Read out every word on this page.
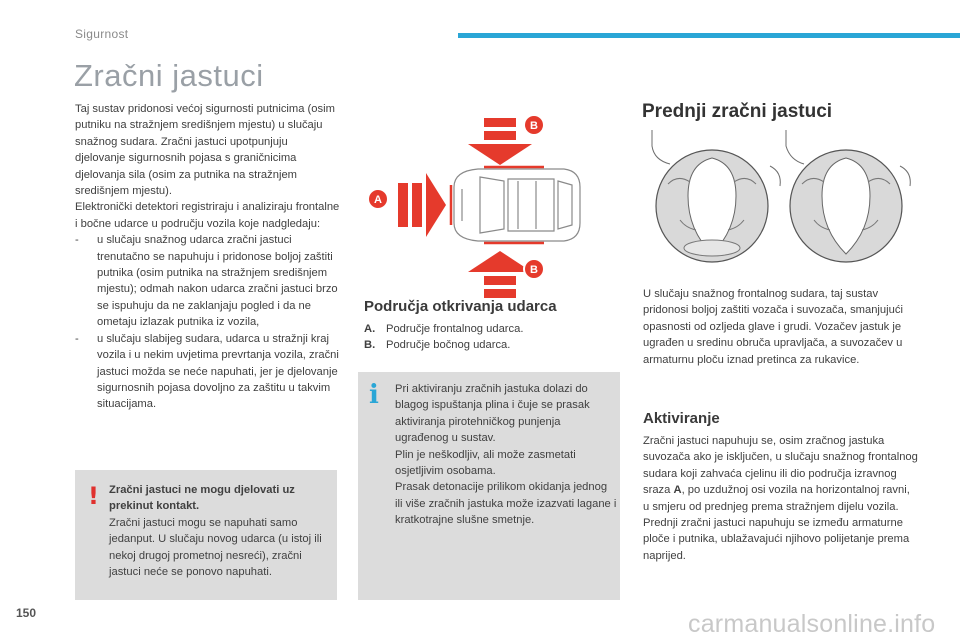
Sigurnost
Zračni jastuci

Taj sustav pridonosi većoj sigurnosti putnicima (osim putniku na stražnjem središnjem mjestu) u slučaju snažnog sudara. Zračni jastuci upotpunjuju djelovanje sigurnosnih pojasa s graničnicima djelovanja sila (osim za putnika na stražnjem središnjem mjestu).

Elektronički detektori registriraju i analiziraju frontalne i bočne udarce u području vozila koje nadgledaju:

- u slučaju snažnog udarca zračni jastuci trenutačno se napuhuju i pridonose boljoj zaštiti putnika (osim putnika na stražnjem središnjem mjestu); odmah nakon udarca zračni jastuci brzo se ispuhuju da ne zaklanjaju pogled i da ne ometaju izlazak putnika iz vozila,
- u slučaju slabijeg sudara, udarca u stražnji kraj vozila i u nekim uvjetima prevrtanja vozila, zračni jastuci možda se neće napuhati, jer je djelovanje sigurnosnih pojasa dovoljno za zaštitu u takvim situacijama.
! Zračni jastuci ne mogu djelovati uz prekinut kontakt.
Zračni jastuci mogu se napuhati samo jedanput. U slučaju novog udarca (u istoj ili nekoj drugoj prometnoj nesreći), zračni jastuci neće se ponovo napuhati.
A
B
B
Područja otkrivanja udarca
A. Područje frontalnog udarca.
B. Područje bočnog udarca.
i Pri aktiviranju zračnih jastuka dolazi do blagog ispuštanja plina i čuje se prasak aktiviranja pirotehničkog punjenja ugrađenog u sustav.
Plin je neškodljiv, ali može zasmetati osjetljivim osobama.
Prasak detonacije prilikom okidanja jednog ili više zračnih jastuka može izazvati lagane i kratkotrajne slušne smetnje.
Prednji zračni jastuci
U slučaju snažnog frontalnog sudara, taj sustav pridonosi boljoj zaštiti vozača i suvozača, smanjujući opasnosti od ozljeda glave i grudi. Vozačev jastuk je ugrađen u sredinu obruča upravljača, a suvozačev u armaturnu ploču iznad pretinca za rukavice.
Aktiviranje
Zračni jastuci napuhuju se, osim zračnog jastuka suvozača ako je isključen, u slučaju snažnog frontalnog sudara koji zahvaća cjelinu ili dio područja izravnog sraza A, po uzdužnoj osi vozila na horizontalnoj ravni, u smjeru od prednjeg prema stražnjem dijelu vozila.
Prednji zračni jastuci napuhuju se između armaturne ploče i putnika, ublažavajući njihovo polijetanje prema naprijed.
150	carmanualsonline.info
